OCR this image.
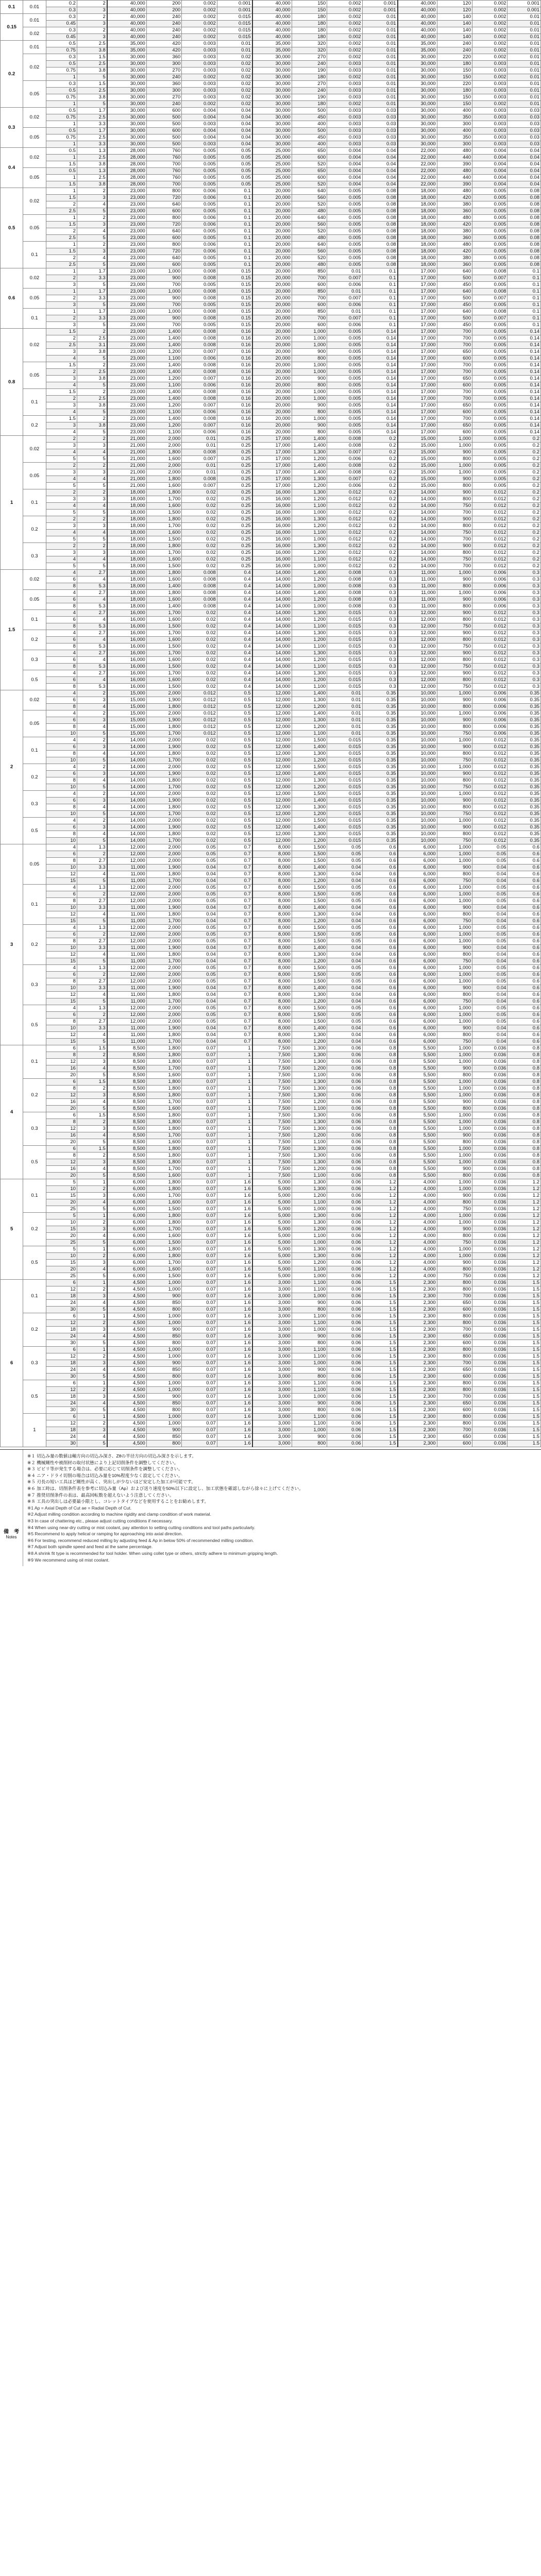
0.1	0.01	0.2	2	40,000	200	0.002	0.001	40,000	150	0.002	0.001	40,000	120	0.002	0.001
		0.3	3	40,000	200	0.002	0.001	40,000	150	0.002	0.001	40,000	120	0.002	0.001
0.15	0.01	0.3	2	40,000	240	0.002	0.015	40,000	180	0.002	0.01	40,000	140	0.002	0.01
		0.45	3	40,000	240	0.002	0.015	40,000	180	0.002	0.01	40,000	140	0.002	0.01
	0.02	0.3	2	40,000	240	0.002	0.015	40,000	180	0.002	0.01	40,000	140	0.002	0.01
		0.45	3	40,000	240	0.002	0.015	40,000	180	0.002	0.01	40,000	140	0.002	0.01
0.2	0.01	0.5	2.5	35,000	420	0.003	0.01	35,000	320	0.002	0.01	35,000	240	0.002	0.01
		0.75	3.8	35,000	420	0.003	0.01	35,000	320	0.002	0.01	35,000	240	0.002	0.01
	0.02	0.3	1.5	30,000	360	0.003	0.02	30,000	270	0.002	0.01	30,000	220	0.002	0.01
		0.5	2.5	30,000	300	0.003	0.02	30,000	240	0.003	0.01	30,000	180	0.003	0.01
		0.75	3.8	30,000	270	0.003	0.02	30,000	190	0.003	0.01	30,000	150	0.003	0.01
		1	5	30,000	240	0.002	0.02	30,000	180	0.002	0.01	30,000	150	0.002	0.01
	0.05	0.3	1.5	30,000	360	0.003	0.02	30,000	270	0.003	0.01	30,000	220	0.003	0.01
		0.5	2.5	30,000	300	0.003	0.02	30,000	240	0.003	0.01	30,000	180	0.003	0.01
		0.75	3.8	30,000	270	0.003	0.02	30,000	190	0.003	0.01	30,000	150	0.003	0.01
		1	5	30,000	240	0.002	0.02	30,000	180	0.002	0.01	30,000	150	0.002	0.01
0.3	0.02	0.5	1.7	30,000	600	0.004	0.04	30,000	500	0.003	0.03	30,000	400	0.003	0.03
		0.75	2.5	30,000	500	0.004	0.04	30,000	450	0.003	0.03	30,000	350	0.003	0.03
		1	3.3	30,000	500	0.003	0.04	30,000	400	0.003	0.03	30,000	300	0.003	0.03
	0.05	0.5	1.7	30,000	600	0.004	0.04	30,000	500	0.003	0.03	30,000	400	0.003	0.03
		0.75	2.5	30,000	500	0.004	0.04	30,000	450	0.003	0.03	30,000	350	0.003	0.03
		1	3.3	30,000	500	0.003	0.04	30,000	400	0.003	0.03	30,000	300	0.003	0.03
0.4	0.02	0.5	1.3	28,000	760	0.005	0.05	25,000	650	0.004	0.04	22,000	480	0.004	0.04
		1	2.5	28,000	760	0.005	0.05	25,000	600	0.004	0.04	22,000	440	0.004	0.04
		1.5	3.8	28,000	700	0.005	0.05	25,000	520	0.004	0.04	22,000	390	0.004	0.04
	0.05	0.5	1.3	28,000	760	0.005	0.05	25,000	650	0.004	0.04	22,000	480	0.004	0.04
		1	2.5	28,000	760	0.005	0.05	25,000	600	0.004	0.04	22,000	440	0.004	0.04
		1.5	3.8	28,000	700	0.005	0.05	25,000	520	0.004	0.04	22,000	390	0.004	0.04
0.5	0.02	1	2	23,000	800	0.006	0.1	20,000	640	0.005	0.08	18,000	480	0.005	0.08
		1.5	3	23,000	720	0.006	0.1	20,000	560	0.005	0.08	18,000	420	0.005	0.08
		2	4	23,000	640	0.005	0.1	20,000	520	0.005	0.08	18,000	380	0.005	0.08
		2.5	5	23,000	600	0.005	0.1	20,000	480	0.005	0.08	18,000	360	0.005	0.08
	0.05	1	2	23,000	800	0.006	0.1	20,000	640	0.005	0.08	18,000	480	0.005	0.08
		1.5	3	23,000	720	0.006	0.1	20,000	560	0.005	0.08	18,000	420	0.005	0.08
		2	4	23,000	640	0.005	0.1	20,000	520	0.005	0.08	18,000	380	0.005	0.08
		2.5	5	23,000	600	0.005	0.1	20,000	480	0.005	0.08	18,000	360	0.005	0.08
	0.1	1	2	23,000	800	0.006	0.1	20,000	640	0.005	0.08	18,000	480	0.005	0.08
		1.5	3	23,000	720	0.006	0.1	20,000	560	0.005	0.08	18,000	420	0.005	0.08
		2	4	23,000	640	0.005	0.1	20,000	520	0.005	0.08	18,000	380	0.005	0.08
		2.5	5	23,000	600	0.005	0.1	20,000	480	0.005	0.08	18,000	360	0.005	0.08
0.6	0.02	1	1.7	23,000	1,000	0.008	0.15	20,000	850	0.01	0.1	17,000	640	0.008	0.1
		2	3.3	23,000	900	0.008	0.15	20,000	700	0.007	0.1	17,000	500	0.007	0.1
		3	5	23,000	700	0.005	0.15	20,000	600	0.006	0.1	17,000	450	0.005	0.1
	0.05	1	1.7	23,000	1,000	0.008	0.15	20,000	850	0.01	0.1	17,000	640	0.008	0.1
		2	3.3	23,000	900	0.008	0.15	20,000	700	0.007	0.1	17,000	500	0.007	0.1
		3	5	23,000	700	0.005	0.15	20,000	600	0.006	0.1	17,000	450	0.005	0.1
	0.1	1	1.7	23,000	1,000	0.008	0.15	20,000	850	0.01	0.1	17,000	640	0.008	0.1
		2	3.3	23,000	900	0.008	0.15	20,000	700	0.007	0.1	17,000	500	0.007	0.1
		3	5	23,000	700	0.005	0.15	20,000	600	0.006	0.1	17,000	450	0.005	0.1
0.8	0.02	1.5	2	23,000	1,400	0.008	0.16	20,000	1,000	0.005	0.14	17,000	700	0.005	0.14
		2	2.5	23,000	1,400	0.008	0.16	20,000	1,000	0.005	0.14	17,000	700	0.005	0.14
		2.5	3.1	23,000	1,400	0.008	0.16	20,000	1,000	0.005	0.14	17,000	700	0.005	0.14
		3	3.8	23,000	1,200	0.007	0.16	20,000	900	0.005	0.14	17,000	650	0.005	0.14
		4	5	23,000	1,100	0.006	0.16	20,000	800	0.005	0.14	17,000	600	0.005	0.14
	0.05	1.5	2	23,000	1,400	0.008	0.16	20,000	1,000	0.005	0.14	17,000	700	0.005	0.14
		2	2.5	23,000	1,400	0.008	0.16	20,000	1,000	0.005	0.14	17,000	700	0.005	0.14
		3	3.8	23,000	1,200	0.007	0.16	20,000	900	0.005	0.14	17,000	650	0.005	0.14
		4	5	23,000	1,100	0.006	0.16	20,000	800	0.005	0.14	17,000	600	0.005	0.14
	0.1	1.5	2	23,000	1,400	0.008	0.16	20,000	1,000	0.005	0.14	17,000	700	0.005	0.14
		2	2.5	23,000	1,400	0.008	0.16	20,000	1,000	0.005	0.14	17,000	700	0.005	0.14
		3	3.8	23,000	1,200	0.007	0.16	20,000	900	0.005	0.14	17,000	650	0.005	0.14
		4	5	23,000	1,100	0.006	0.16	20,000	800	0.005	0.14	17,000	600	0.005	0.14
	0.2	1.5	2	23,000	1,400	0.008	0.16	20,000	1,000	0.005	0.14	17,000	700	0.005	0.14
		3	3.8	23,000	1,200	0.007	0.16	20,000	900	0.005	0.14	17,000	650	0.005	0.14
		4	5	23,000	1,100	0.006	0.16	20,000	800	0.005	0.14	17,000	600	0.005	0.14
1	0.02	2	2	21,000	2,000	0.01	0.25	17,000	1,400	0.008	0.2	15,000	1,000	0.005	0.2
		3	3	21,000	2,000	0.01	0.25	17,000	1,400	0.008	0.2	15,000	1,000	0.005	0.2
		4	4	21,000	1,800	0.008	0.25	17,000	1,300	0.007	0.2	15,000	900	0.005	0.2
		5	5	21,000	1,600	0.007	0.25	17,000	1,200	0.006	0.2	15,000	800	0.005	0.2
	0.05	2	2	21,000	2,000	0.01	0.25	17,000	1,400	0.008	0.2	15,000	1,000	0.005	0.2
		3	3	21,000	2,000	0.01	0.25	17,000	1,400	0.008	0.2	15,000	1,000	0.005	0.2
		4	4	21,000	1,800	0.008	0.25	17,000	1,300	0.007	0.2	15,000	900	0.005	0.2
		5	5	21,000	1,600	0.007	0.25	17,000	1,200	0.006	0.2	15,000	800	0.005	0.2
	0.1	2	2	18,000	1,800	0.02	0.25	16,000	1,300	0.012	0.2	14,000	900	0.012	0.2
		3	3	18,000	1,700	0.02	0.25	16,000	1,200	0.012	0.2	14,000	800	0.012	0.2
		4	4	18,000	1,600	0.02	0.25	16,000	1,100	0.012	0.2	14,000	750	0.012	0.2
		5	5	18,000	1,500	0.02	0.25	16,000	1,000	0.012	0.2	14,000	700	0.012	0.2
	0.2	2	2	18,000	1,800	0.02	0.25	16,000	1,300	0.012	0.2	14,000	900	0.012	0.2
		3	3	18,000	1,700	0.02	0.25	16,000	1,200	0.012	0.2	14,000	800	0.012	0.2
		4	4	18,000	1,600	0.02	0.25	16,000	1,100	0.012	0.2	14,000	750	0.012	0.2
		5	5	18,000	1,500	0.02	0.25	16,000	1,000	0.012	0.2	14,000	700	0.012	0.2
	0.3	2	2	18,000	1,800	0.02	0.25	16,000	1,300	0.012	0.2	14,000	900	0.012	0.2
		3	3	18,000	1,700	0.02	0.25	16,000	1,200	0.012	0.2	14,000	800	0.012	0.2
		4	4	18,000	1,600	0.02	0.25	16,000	1,100	0.012	0.2	14,000	750	0.012	0.2
		5	5	18,000	1,500	0.02	0.25	16,000	1,000	0.012	0.2	14,000	700	0.012	0.2
1.5	0.02	4	2.7	18,000	1,800	0.008	0.4	14,000	1,400	0.008	0.3	11,000	1,000	0.006	0.3
		6	4	18,000	1,600	0.008	0.4	14,000	1,200	0.008	0.3	11,000	900	0.006	0.3
		8	5.3	18,000	1,400	0.008	0.4	14,000	1,000	0.008	0.3	11,000	800	0.006	0.3
	0.05	4	2.7	18,000	1,800	0.008	0.4	14,000	1,400	0.008	0.3	11,000	1,000	0.006	0.3
		6	4	18,000	1,600	0.008	0.4	14,000	1,200	0.008	0.3	11,000	900	0.006	0.3
		8	5.3	18,000	1,400	0.008	0.4	14,000	1,000	0.008	0.3	11,000	800	0.006	0.3
	0.1	4	2.7	16,000	1,700	0.02	0.4	14,000	1,300	0.015	0.3	12,000	900	0.012	0.3
		6	4	16,000	1,600	0.02	0.4	14,000	1,200	0.015	0.3	12,000	800	0.012	0.3
		8	5.3	16,000	1,500	0.02	0.4	14,000	1,100	0.015	0.3	12,000	750	0.012	0.3
	0.2	4	2.7	16,000	1,700	0.02	0.4	14,000	1,300	0.015	0.3	12,000	900	0.012	0.3
		6	4	16,000	1,600	0.02	0.4	14,000	1,200	0.015	0.3	12,000	800	0.012	0.3
		8	5.3	16,000	1,500	0.02	0.4	14,000	1,100	0.015	0.3	12,000	750	0.012	0.3
	0.3	4	2.7	16,000	1,700	0.02	0.4	14,000	1,300	0.015	0.3	12,000	900	0.012	0.3
		6	4	16,000	1,600	0.02	0.4	14,000	1,200	0.015	0.3	12,000	800	0.012	0.3
		8	5.3	16,000	1,500	0.02	0.4	14,000	1,100	0.015	0.3	12,000	750	0.012	0.3
	0.5	4	2.7	16,000	1,700	0.02	0.4	14,000	1,300	0.015	0.3	12,000	900	0.012	0.3
		6	4	16,000	1,600	0.02	0.4	14,000	1,200	0.015	0.3	12,000	800	0.012	0.3
		8	5.3	16,000	1,500	0.02	0.4	14,000	1,100	0.015	0.3	12,000	750	0.012	0.3
2	0.02	4	2	15,000	2,000	0.012	0.5	12,000	1,400	0.01	0.35	10,000	1,000	0.006	0.35
		6	3	15,000	1,900	0.012	0.5	12,000	1,300	0.01	0.35	10,000	900	0.006	0.35
		8	4	15,000	1,800	0.012	0.5	12,000	1,200	0.01	0.35	10,000	800	0.006	0.35
	0.05	4	2	15,000	2,000	0.012	0.5	12,000	1,400	0.01	0.35	10,000	1,000	0.006	0.35
		6	3	15,000	1,900	0.012	0.5	12,000	1,300	0.01	0.35	10,000	900	0.006	0.35
		8	4	15,000	1,800	0.012	0.5	12,000	1,200	0.01	0.35	10,000	800	0.006	0.35
		10	5	15,000	1,700	0.012	0.5	12,000	1,100	0.01	0.35	10,000	750	0.006	0.35
	0.1	4	2	14,000	2,000	0.02	0.5	12,000	1,500	0.015	0.35	10,000	1,000	0.012	0.35
		6	3	14,000	1,900	0.02	0.5	12,000	1,400	0.015	0.35	10,000	900	0.012	0.35
		8	4	14,000	1,800	0.02	0.5	12,000	1,300	0.015	0.35	10,000	800	0.012	0.35
		10	5	14,000	1,700	0.02	0.5	12,000	1,200	0.015	0.35	10,000	750	0.012	0.35
	0.2	4	2	14,000	2,000	0.02	0.5	12,000	1,500	0.015	0.35	10,000	1,000	0.012	0.35
		6	3	14,000	1,900	0.02	0.5	12,000	1,400	0.015	0.35	10,000	900	0.012	0.35
		8	4	14,000	1,800	0.02	0.5	12,000	1,300	0.015	0.35	10,000	800	0.012	0.35
		10	5	14,000	1,700	0.02	0.5	12,000	1,200	0.015	0.35	10,000	750	0.012	0.35
	0.3	4	2	14,000	2,000	0.02	0.5	12,000	1,500	0.015	0.35	10,000	1,000	0.012	0.35
		6	3	14,000	1,900	0.02	0.5	12,000	1,400	0.015	0.35	10,000	900	0.012	0.35
		8	4	14,000	1,800	0.02	0.5	12,000	1,300	0.015	0.35	10,000	800	0.012	0.35
		10	5	14,000	1,700	0.02	0.5	12,000	1,200	0.015	0.35	10,000	750	0.012	0.35
	0.5	4	2	14,000	2,000	0.02	0.5	12,000	1,500	0.015	0.35	10,000	1,000	0.012	0.35
		6	3	14,000	1,900	0.02	0.5	12,000	1,400	0.015	0.35	10,000	900	0.012	0.35
		8	4	14,000	1,800	0.02	0.5	12,000	1,300	0.015	0.35	10,000	800	0.012	0.35
		10	5	14,000	1,700	0.02	0.5	12,000	1,200	0.015	0.35	10,000	750	0.012	0.35
3	0.05	4	1.3	12,000	2,000	0.05	0.7	8,000	1,500	0.05	0.6	6,000	1,000	0.05	0.6
		6	2	12,000	2,000	0.05	0.7	8,000	1,500	0.05	0.6	6,000	1,000	0.05	0.6
		8	2.7	12,000	2,000	0.05	0.7	8,000	1,500	0.05	0.6	6,000	1,000	0.05	0.6
		10	3.3	11,000	1,900	0.04	0.7	8,000	1,400	0.04	0.6	6,000	900	0.04	0.6
		12	4	11,000	1,800	0.04	0.7	8,000	1,300	0.04	0.6	6,000	800	0.04	0.6
		15	5	11,000	1,700	0.04	0.7	8,000	1,200	0.04	0.6	6,000	750	0.04	0.6
	0.1	4	1.3	12,000	2,000	0.05	0.7	8,000	1,500	0.05	0.6	6,000	1,000	0.05	0.6
		6	2	12,000	2,000	0.05	0.7	8,000	1,500	0.05	0.6	6,000	1,000	0.05	0.6
		8	2.7	12,000	2,000	0.05	0.7	8,000	1,500	0.05	0.6	6,000	1,000	0.05	0.6
		10	3.3	11,000	1,900	0.04	0.7	8,000	1,400	0.04	0.6	6,000	900	0.04	0.6
		12	4	11,000	1,800	0.04	0.7	8,000	1,300	0.04	0.6	6,000	800	0.04	0.6
		15	5	11,000	1,700	0.04	0.7	8,000	1,200	0.04	0.6	6,000	750	0.04	0.6
	0.2	4	1.3	12,000	2,000	0.05	0.7	8,000	1,500	0.05	0.6	6,000	1,000	0.05	0.6
		6	2	12,000	2,000	0.05	0.7	8,000	1,500	0.05	0.6	6,000	1,000	0.05	0.6
		8	2.7	12,000	2,000	0.05	0.7	8,000	1,500	0.05	0.6	6,000	1,000	0.05	0.6
		10	3.3	11,000	1,900	0.04	0.7	8,000	1,400	0.04	0.6	6,000	900	0.04	0.6
		12	4	11,000	1,800	0.04	0.7	8,000	1,300	0.04	0.6	6,000	800	0.04	0.6
		15	5	11,000	1,700	0.04	0.7	8,000	1,200	0.04	0.6	6,000	750	0.04	0.6
	0.3	4	1.3	12,000	2,000	0.05	0.7	8,000	1,500	0.05	0.6	6,000	1,000	0.05	0.6
		6	2	12,000	2,000	0.05	0.7	8,000	1,500	0.05	0.6	6,000	1,000	0.05	0.6
		8	2.7	12,000	2,000	0.05	0.7	8,000	1,500	0.05	0.6	6,000	1,000	0.05	0.6
		10	3.3	11,000	1,900	0.04	0.7	8,000	1,400	0.04	0.6	6,000	900	0.04	0.6
		12	4	11,000	1,800	0.04	0.7	8,000	1,300	0.04	0.6	6,000	800	0.04	0.6
		15	5	11,000	1,700	0.04	0.7	8,000	1,200	0.04	0.6	6,000	750	0.04	0.6
	0.5	4	1.3	12,000	2,000	0.05	0.7	8,000	1,500	0.05	0.6	6,000	1,000	0.05	0.6
		6	2	12,000	2,000	0.05	0.7	8,000	1,500	0.05	0.6	6,000	1,000	0.05	0.6
		8	2.7	12,000	2,000	0.05	0.7	8,000	1,500	0.05	0.6	6,000	1,000	0.05	0.6
		10	3.3	11,000	1,900	0.04	0.7	8,000	1,400	0.04	0.6	6,000	900	0.04	0.6
		12	4	11,000	1,800	0.04	0.7	8,000	1,300	0.04	0.6	6,000	800	0.04	0.6
		15	5	11,000	1,700	0.04	0.7	8,000	1,200	0.04	0.6	6,000	750	0.04	0.6
4	0.1	6	1.5	8,500	1,800	0.07	1	7,500	1,300	0.06	0.8	5,500	1,000	0.036	0.8
		8	2	8,500	1,800	0.07	1	7,500	1,300	0.06	0.8	5,500	1,000	0.036	0.8
		12	3	8,500	1,800	0.07	1	7,500	1,300	0.06	0.8	5,500	1,000	0.036	0.8
		16	4	8,500	1,700	0.07	1	7,500	1,200	0.06	0.8	5,500	900	0.036	0.8
		20	5	8,500	1,600	0.07	1	7,500	1,100	0.06	0.8	5,500	800	0.036	0.8
	0.2	6	1.5	8,500	1,800	0.07	1	7,500	1,300	0.06	0.8	5,500	1,000	0.036	0.8
		8	2	8,500	1,800	0.07	1	7,500	1,300	0.06	0.8	5,500	1,000	0.036	0.8
		12	3	8,500	1,800	0.07	1	7,500	1,300	0.06	0.8	5,500	1,000	0.036	0.8
		16	4	8,500	1,700	0.07	1	7,500	1,200	0.06	0.8	5,500	900	0.036	0.8
		20	5	8,500	1,600	0.07	1	7,500	1,100	0.06	0.8	5,500	800	0.036	0.8
	0.3	6	1.5	8,500	1,800	0.07	1	7,500	1,300	0.06	0.8	5,500	1,000	0.036	0.8
		8	2	8,500	1,800	0.07	1	7,500	1,300	0.06	0.8	5,500	1,000	0.036	0.8
		12	3	8,500	1,800	0.07	1	7,500	1,300	0.06	0.8	5,500	1,000	0.036	0.8
		16	4	8,500	1,700	0.07	1	7,500	1,200	0.06	0.8	5,500	900	0.036	0.8
		20	5	8,500	1,600	0.07	1	7,500	1,100	0.06	0.8	5,500	800	0.036	0.8
	0.5	6	1.5	8,500	1,800	0.07	1	7,500	1,300	0.06	0.8	5,500	1,000	0.036	0.8
		8	2	8,500	1,800	0.07	1	7,500	1,300	0.06	0.8	5,500	1,000	0.036	0.8
		12	3	8,500	1,800	0.07	1	7,500	1,300	0.06	0.8	5,500	1,000	0.036	0.8
		16	4	8,500	1,700	0.07	1	7,500	1,200	0.06	0.8	5,500	900	0.036	0.8
		20	5	8,500	1,600	0.07	1	7,500	1,100	0.06	0.8	5,500	800	0.036	0.8
5	0.1	5	1	6,000	1,800	0.07	1.6	5,000	1,300	0.06	1.2	4,000	1,000	0.036	1.2
		10	2	6,000	1,800	0.07	1.6	5,000	1,300	0.06	1.2	4,000	1,000	0.036	1.2
		15	3	6,000	1,700	0.07	1.6	5,000	1,200	0.06	1.2	4,000	900	0.036	1.2
		20	4	6,000	1,600	0.07	1.6	5,000	1,100	0.06	1.2	4,000	800	0.036	1.2
		25	5	6,000	1,500	0.07	1.6	5,000	1,000	0.06	1.2	4,000	750	0.036	1.2
	0.2	5	1	6,000	1,800	0.07	1.6	5,000	1,300	0.06	1.2	4,000	1,000	0.036	1.2
		10	2	6,000	1,800	0.07	1.6	5,000	1,300	0.06	1.2	4,000	1,000	0.036	1.2
		15	3	6,000	1,700	0.07	1.6	5,000	1,200	0.06	1.2	4,000	900	0.036	1.2
		20	4	6,000	1,600	0.07	1.6	5,000	1,100	0.06	1.2	4,000	800	0.036	1.2
		25	5	6,000	1,500	0.07	1.6	5,000	1,000	0.06	1.2	4,000	750	0.036	1.2
	0.5	5	1	6,000	1,800	0.07	1.6	5,000	1,300	0.06	1.2	4,000	1,000	0.036	1.2
		10	2	6,000	1,800	0.07	1.6	5,000	1,300	0.06	1.2	4,000	1,000	0.036	1.2
		15	3	6,000	1,700	0.07	1.6	5,000	1,200	0.06	1.2	4,000	900	0.036	1.2
		20	4	6,000	1,600	0.07	1.6	5,000	1,100	0.06	1.2	4,000	800	0.036	1.2
		25	5	6,000	1,500	0.07	1.6	5,000	1,000	0.06	1.2	4,000	750	0.036	1.2
6	0.1	6	1	4,500	1,000	0.07	1.6	3,000	1,100	0.06	1.5	2,300	800	0.036	1.5
		12	2	4,500	1,000	0.07	1.6	3,000	1,100	0.06	1.5	2,300	800	0.036	1.5
		18	3	4,500	900	0.07	1.6	3,000	1,000	0.06	1.5	2,300	700	0.036	1.5
		24	4	4,500	850	0.07	1.6	3,000	900	0.06	1.5	2,300	650	0.036	1.5
		30	5	4,500	800	0.07	1.6	3,000	800	0.06	1.5	2,300	600	0.036	1.5
	0.2	6	1	4,500	1,000	0.07	1.6	3,000	1,100	0.06	1.5	2,300	800	0.036	1.5
		12	2	4,500	1,000	0.07	1.6	3,000	1,100	0.06	1.5	2,300	800	0.036	1.5
		18	3	4,500	900	0.07	1.6	3,000	1,000	0.06	1.5	2,300	700	0.036	1.5
		24	4	4,500	850	0.07	1.6	3,000	900	0.06	1.5	2,300	650	0.036	1.5
		30	5	4,500	800	0.07	1.6	3,000	800	0.06	1.5	2,300	600	0.036	1.5
	0.3	6	1	4,500	1,000	0.07	1.6	3,000	1,100	0.06	1.5	2,300	800	0.036	1.5
		12	2	4,500	1,000	0.07	1.6	3,000	1,100	0.06	1.5	2,300	800	0.036	1.5
		18	3	4,500	900	0.07	1.6	3,000	1,000	0.06	1.5	2,300	700	0.036	1.5
		24	4	4,500	850	0.07	1.6	3,000	900	0.06	1.5	2,300	650	0.036	1.5
		30	5	4,500	800	0.07	1.6	3,000	800	0.06	1.5	2,300	600	0.036	1.5
	0.5	6	1	4,500	1,000	0.07	1.6	3,000	1,100	0.06	1.5	2,300	800	0.036	1.5
		12	2	4,500	1,000	0.07	1.6	3,000	1,100	0.06	1.5	2,300	800	0.036	1.5
		18	3	4,500	900	0.07	1.6	3,000	1,000	0.06	1.5	2,300	700	0.036	1.5
		24	4	4,500	850	0.07	1.6	3,000	900	0.06	1.5	2,300	650	0.036	1.5
		30	5	4,500	800	0.07	1.6	3,000	800	0.06	1.5	2,300	600	0.036	1.5
	1	6	1	4,500	1,000	0.07	1.6	3,000	1,100	0.06	1.5	2,300	800	0.036	1.5
		12	2	4,500	1,000	0.07	1.6	3,000	1,100	0.06	1.5	2,300	800	0.036	1.5
		18	3	4,500	900	0.07	1.6	3,000	1,000	0.06	1.5	2,300	700	0.036	1.5
		24	4	4,500	850	0.07	1.6	3,000	900	0.06	1.5	2,300	650	0.036	1.5
		30	5	4,500	800	0.07	1.6	3,000	800	0.06	1.5	2,300	600	0.036	1.5
備　考
Notes
※１ 切込み量の数値は軸方向の切込み深さ、Zθの半径方向の切込み深さを示します。
※２ 機械剛性や被削材の取付状態により上記切削条件を調整してください。
※３ ビビリ等が発生する場合は、必要に応じて切削条件を調整してください。
※４ ニア・ドライ切削の場合は切込み量を10%程度少なく設定してください。
※５ 刃長の短い工具ほど剛性が高く、突出しが少ないほど安定した加工が可能です。
※６ 加工時は、切削条件表を参考に切込み量（Ap）および送り速度を50%以下に設定し、加工状態を確認しながら徐々に上げてください。
※７ 推奨切削条件の表は、最高回転数を超えないよう注意してください。
※８ 工具の突出しは必要最小限とし、コレットタイプなどを使用することをお勧めします。
※1 Ap = Axial Depth of Cut ae = Radial Depth of Cut.
※2 Adjust milling condition according to machine rigidity and clamp condition of work material.
※3 In case of chattering etc., please adjust cutting conditions if necessary.
※4 When using near-dry cutting or mist coolant, pay attention to setting cutting conditions and tool paths particularly.
※5 Recommend to apply helical or ramping for approaching into axial direction.
※6 For testing, recommend reduced milling by adjusting feed & Ap in below 50% of recommended milling condition.
※7 Adjust both spindle speed and feed at the same percentage.
※8 A shrink fit type is recommended for tool holder. When using collet type or others, strictly adhere to minimum gripping length.
※9 We recommend using oil mist coolant.
